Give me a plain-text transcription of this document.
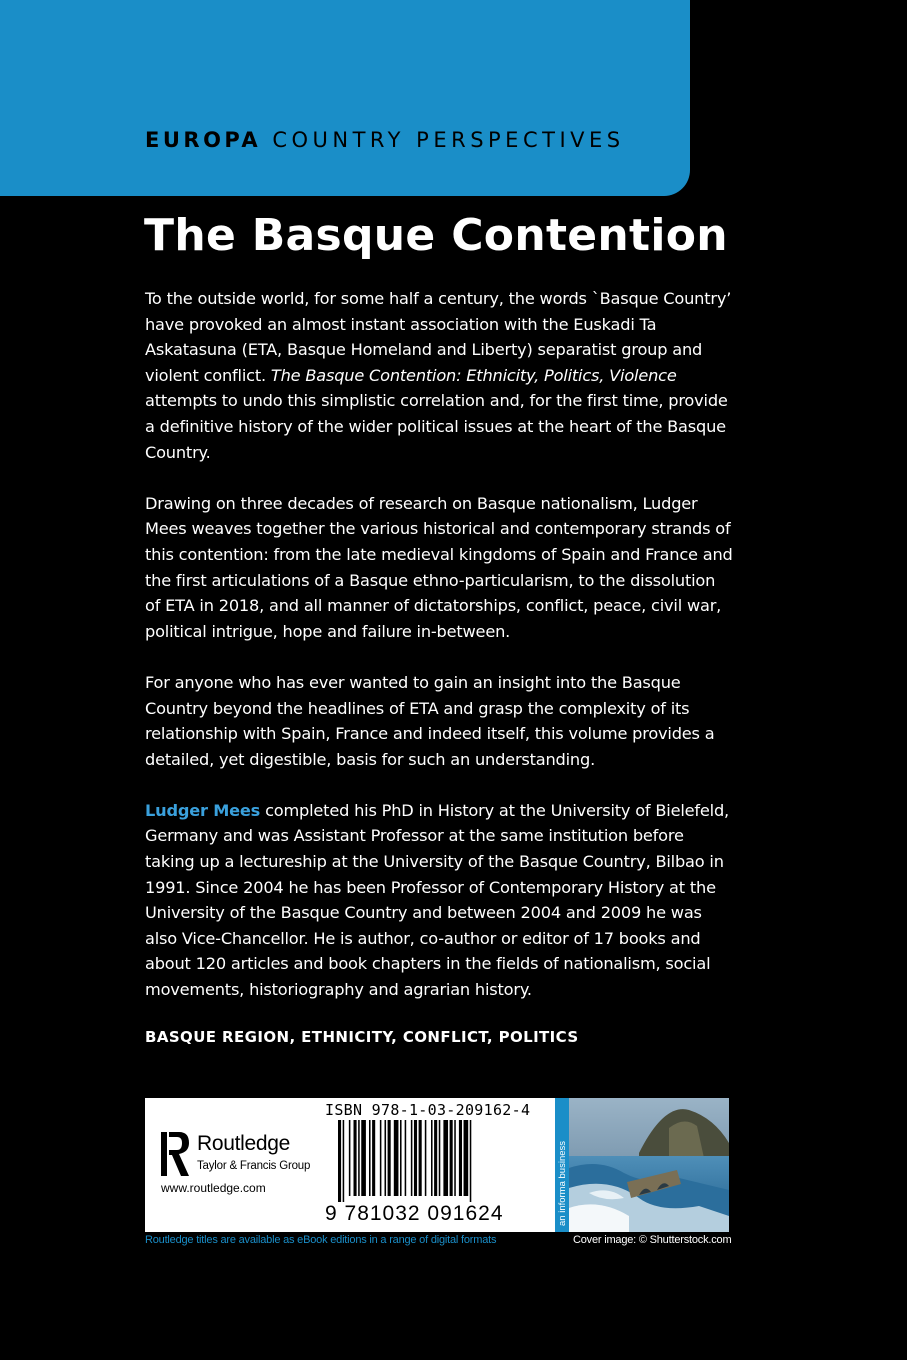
EUROPA COUNTRY PERSPECTIVES
The Basque Contention

To the outside world, for some half a century, the words `Basque Country’ have provoked an almost instant association with the Euskadi Ta Askatasuna (ETA, Basque Homeland and Liberty) separatist group and violent conflict. The Basque Contention: Ethnicity, Politics, Violence attempts to undo this simplistic correlation and, for the first time, provide a definitive history of the wider political issues at the heart of the Basque Country.

Drawing on three decades of research on Basque nationalism, Ludger Mees weaves together the various historical and contemporary strands of this contention: from the late medieval kingdoms of Spain and France and the first articulations of a Basque ethno-particularism, to the dissolution of ETA in 2018, and all manner of dictatorships, conflict, peace, civil war, political intrigue, hope and failure in-between.

For anyone who has ever wanted to gain an insight into the Basque Country beyond the headlines of ETA and grasp the complexity of its relationship with Spain, France and indeed itself, this volume provides a detailed, yet digestible, basis for such an understanding.

Ludger Mees completed his PhD in History at the University of Bielefeld, Germany and was Assistant Professor at the same institution before taking up a lectureship at the University of the Basque Country, Bilbao in 1991. Since 2004 he has been Professor of Contemporary History at the University of the Basque Country and between 2004 and 2009 he was also Vice-Chancellor. He is author, co-author or editor of 17 books and about 120 articles and book chapters in the fields of nationalism, social movements, historiography and agrarian history.

BASQUE REGION, ETHNICITY, CONFLICT, POLITICS

Routledge
Taylor & Francis Group
www.routledge.com
ISBN 978-1-03-209162-4
9 781032 091624	an informa business
Routledge titles are available as eBook editions in a range of digital formats	Cover image: © Shutterstock.com
